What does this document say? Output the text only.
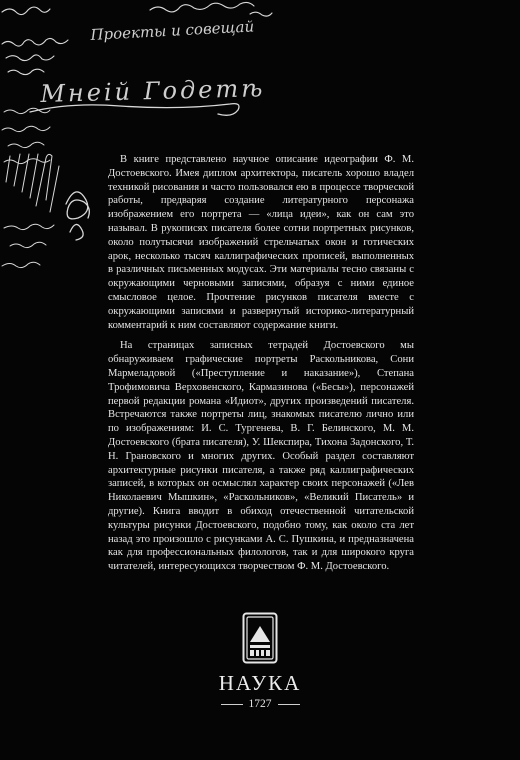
Проекты и совещай
Мнеій Годетѣ

В книге представлено научное описание идеографии Ф. М. Достоевского. Имея диплом архитектора, писатель хорошо владел техникой рисования и часто пользовался ею в процессе творческой работы, предваряя создание литературного персонажа изображением его портрета — «лица идеи», как он сам это называл. В рукописях писателя более сотни портретных рисунков, около полутысячи изображений стрельчатых окон и готических арок, несколько тысяч каллиграфических прописей, выполненных в различных письменных модусах. Эти материалы тесно связаны с окружающими черновыми записями, образуя с ними единое смысловое целое. Прочтение рисунков писателя вместе с окружающими записями и развернутый историко-литературный комментарий к ним составляют содержание книги.

На страницах записных тетрадей Достоевского мы обнаруживаем графические портреты Раскольникова, Сони Мармеладовой («Преступление и наказание»), Степана Трофимовича Верховенского, Кармазинова («Бесы»), персонажей первой редакции романа «Идиот», других произведений писателя. Встречаются также портреты лиц, знакомых писателю лично или по изображениям: И. С. Тургенева, В. Г. Белинского, М. М. Достоевского (брата писателя), У. Шекспира, Тихона Задонского, Т. Н. Грановского и многих других. Особый раздел составляют архитектурные рисунки писателя, а также ряд каллиграфических записей, в которых он осмыслял характер своих персонажей («Лев Николаевич Мышкин», «Раскольников», «Великий Писатель» и другие). Книга вводит в обиход отечественной читательской культуры рисунки Достоевского, подобно тому, как около ста лет назад это произошло с рисунками А. С. Пушкина, и предназначена как для профессиональных филологов, так и для широкого круга читателей, интересующихся творчеством Ф. М. Достоевского.

НАУКА
1727
